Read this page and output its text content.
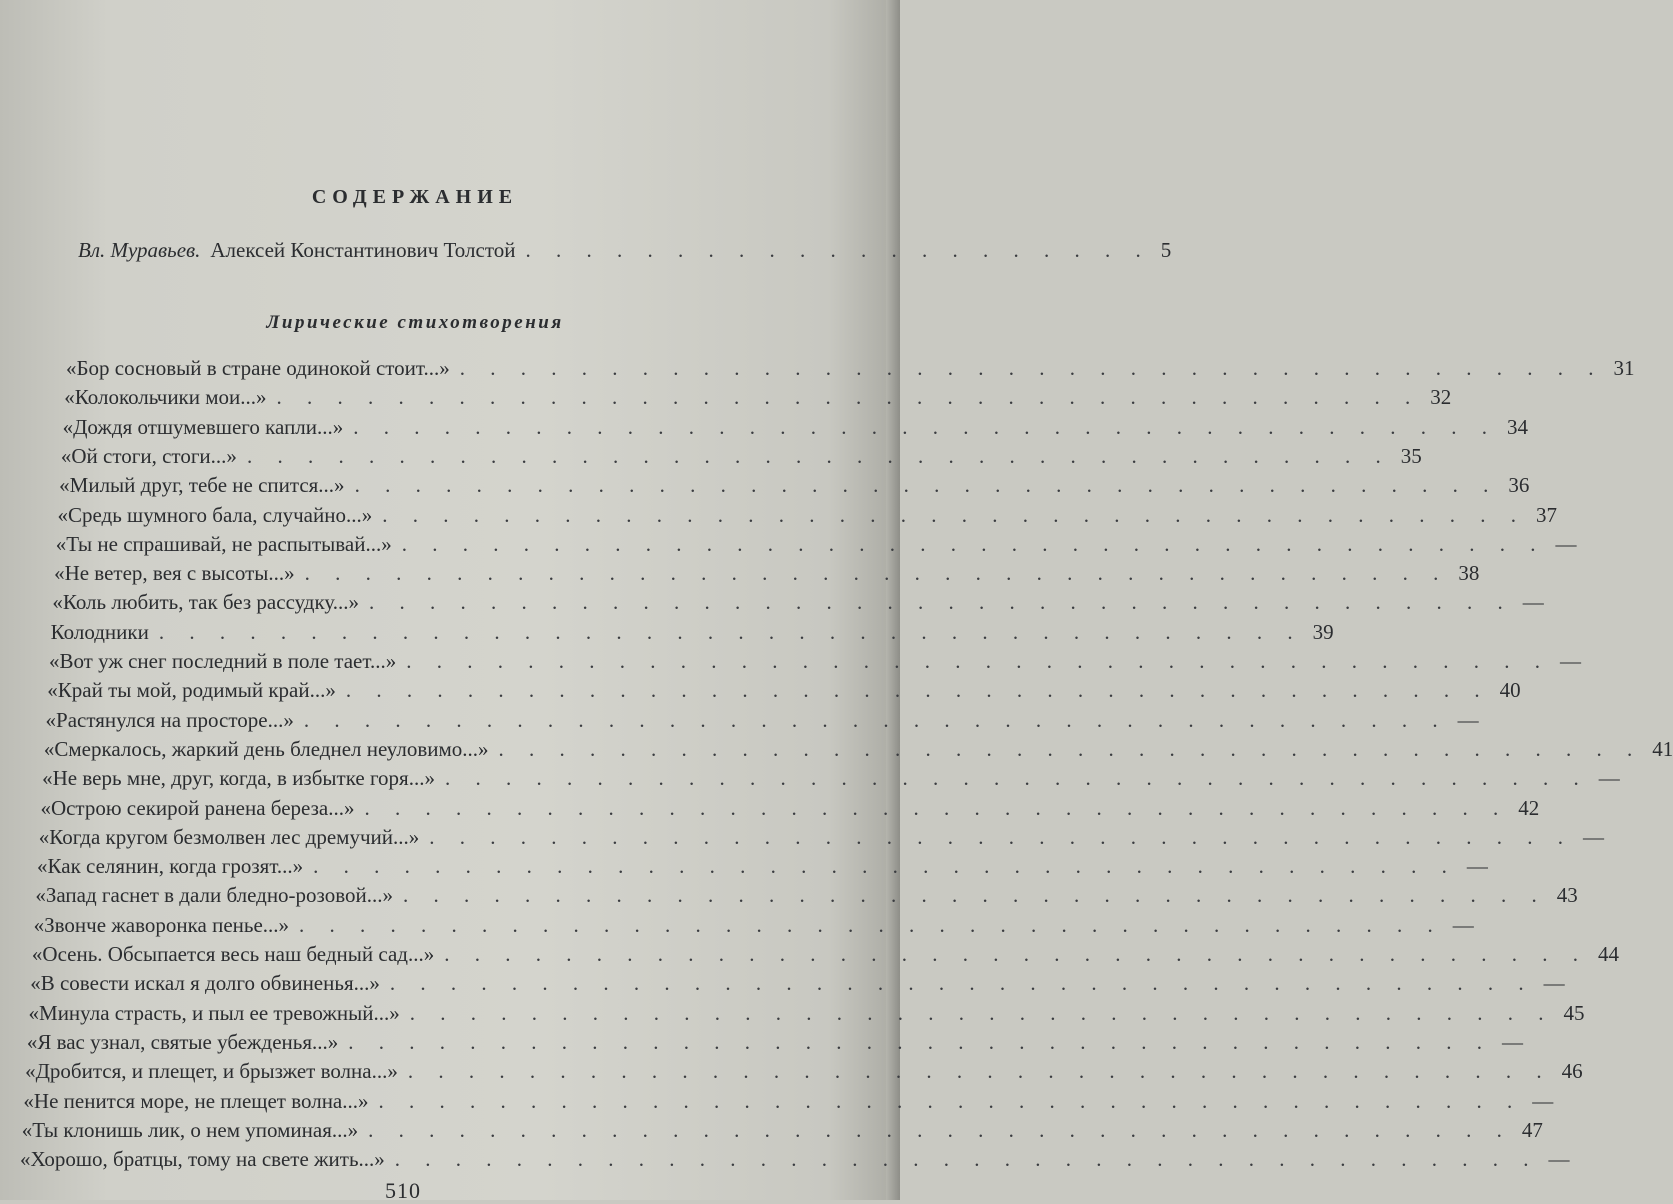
СОДЕРЖАНИЕ
Вл. Муравьев. Алексей Константинович Толстой . . . . . . . . . . . . . . . . . . . . . 5
Лирические стихотворения
«Бор сосновый в стране одинокой стоит...» . . . . . . . . . . . . . . . . . . . . . . . . . . . . . . . . . . . . . . 31
«Колокольчики мои...» . . . . . . . . . . . . . . . . . . . . . . . . . . . . . . . . . . . . . . 32
«Дождя отшумевшего капли...» . . . . . . . . . . . . . . . . . . . . . . . . . . . . . . . . . . . . . . 34
«Ой стоги, стоги...» . . . . . . . . . . . . . . . . . . . . . . . . . . . . . . . . . . . . . . 35
«Милый друг, тебе не спится...» . . . . . . . . . . . . . . . . . . . . . . . . . . . . . . . . . . . . . . 36
«Средь шумного бала, случайно...» . . . . . . . . . . . . . . . . . . . . . . . . . . . . . . . . . . . . . . 37
«Ты не спрашивай, не распытывай...» . . . . . . . . . . . . . . . . . . . . . . . . . . . . . . . . . . . . . . —
«Не ветер, вея с высоты...» . . . . . . . . . . . . . . . . . . . . . . . . . . . . . . . . . . . . . . 38
«Коль любить, так без рассудку...» . . . . . . . . . . . . . . . . . . . . . . . . . . . . . . . . . . . . . . —
Колодники . . . . . . . . . . . . . . . . . . . . . . . . . . . . . . . . . . . . . . 39
«Вот уж снег последний в поле тает...» . . . . . . . . . . . . . . . . . . . . . . . . . . . . . . . . . . . . . . —
«Край ты мой, родимый край...» . . . . . . . . . . . . . . . . . . . . . . . . . . . . . . . . . . . . . . 40
«Растянулся на просторе...» . . . . . . . . . . . . . . . . . . . . . . . . . . . . . . . . . . . . . . —
«Смеркалось, жаркий день бледнел неуловимо...» . . . . . . . . . . . . . . . . . . . . . . . . . . . . . . . . . . . . . . 41
«Не верь мне, друг, когда, в избытке горя...» . . . . . . . . . . . . . . . . . . . . . . . . . . . . . . . . . . . . . . —
«Острою секирой ранена береза...» . . . . . . . . . . . . . . . . . . . . . . . . . . . . . . . . . . . . . . 42
«Когда кругом безмолвен лес дремучий...» . . . . . . . . . . . . . . . . . . . . . . . . . . . . . . . . . . . . . . —
«Как селянин, когда грозят...» . . . . . . . . . . . . . . . . . . . . . . . . . . . . . . . . . . . . . . —
«Запад гаснет в дали бледно-розовой...» . . . . . . . . . . . . . . . . . . . . . . . . . . . . . . . . . . . . . . 43
«Звонче жаворонка пенье...» . . . . . . . . . . . . . . . . . . . . . . . . . . . . . . . . . . . . . . —
«Осень. Обсыпается весь наш бедный сад...» . . . . . . . . . . . . . . . . . . . . . . . . . . . . . . . . . . . . . . 44
«В совести искал я долго обвиненья...» . . . . . . . . . . . . . . . . . . . . . . . . . . . . . . . . . . . . . . —
«Минула страсть, и пыл ее тревожный...» . . . . . . . . . . . . . . . . . . . . . . . . . . . . . . . . . . . . . . 45
«Я вас узнал, святые убежденья...» . . . . . . . . . . . . . . . . . . . . . . . . . . . . . . . . . . . . . . —
«Дробится, и плещет, и брызжет волна...» . . . . . . . . . . . . . . . . . . . . . . . . . . . . . . . . . . . . . . 46
«Не пенится море, не плещет волна...» . . . . . . . . . . . . . . . . . . . . . . . . . . . . . . . . . . . . . . —
«Ты клонишь лик, о нем упоминая...» . . . . . . . . . . . . . . . . . . . . . . . . . . . . . . . . . . . . . . 47
«Хорошо, братцы, тому на свете жить...» . . . . . . . . . . . . . . . . . . . . . . . . . . . . . . . . . . . . . . —
510
